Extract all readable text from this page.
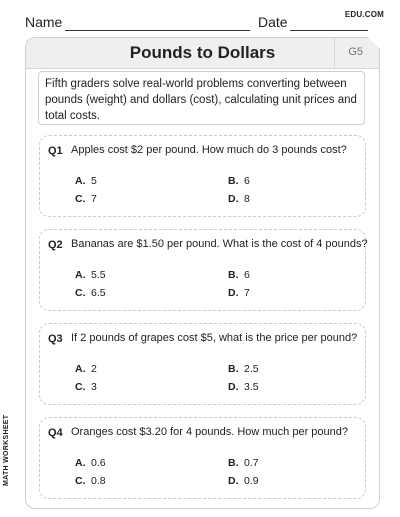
Name	Date	EDU.COM
MATH WORKSHEET
Pounds to Dollars	G5
Fifth graders solve real-world problems converting between pounds (weight) and dollars (cost), calculating unit prices and total costs.
Q1 Apples cost $2 per pound. How much do 3 pounds cost?
A. 5	B. 6
C. 7	D. 8
Q2 Bananas are $1.50 per pound. What is the cost of 4 pounds?
A. 5.5	B. 6
C. 6.5	D. 7
Q3 If 2 pounds of grapes cost $5, what is the price per pound?
A. 2	B. 2.5
C. 3	D. 3.5
Q4 Oranges cost $3.20 for 4 pounds. How much per pound?
A. 0.6	B. 0.7
C. 0.8	D. 0.9
